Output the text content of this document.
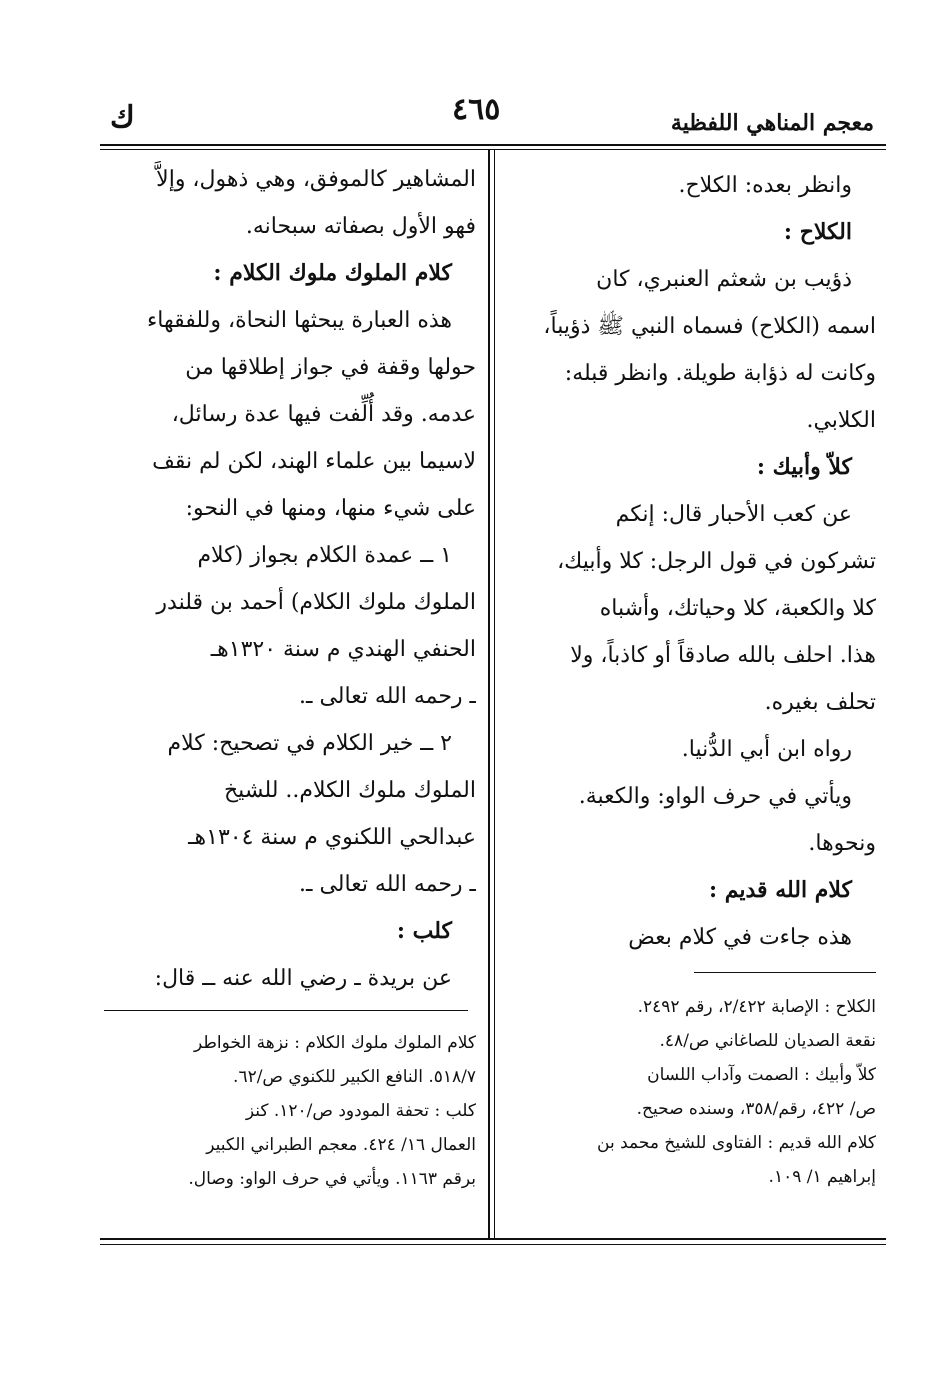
معجم المناهي اللفظية
٤٦٥
ك
وانظر بعده: الكلاح.
الكلاح :
ذؤيب بن شعثم العنبري، كان
اسمه (الكلاح) فسماه النبي ﷺ ذؤيباً،
وكانت له ذؤابة طويلة. وانظر قبله:
الكلابي.
كلاّ وأبيك :
عن كعب الأحبار قال: إنكم
تشركون في قول الرجل: كلا وأبيك،
كلا والكعبة، كلا وحياتك، وأشباه
هذا. احلف بالله صادقاً أو كاذباً، ولا
تحلف بغيره.
رواه ابن أبي الدُّنيا.
ويأتي في حرف الواو: والكعبة.
ونحوها.
كلام الله قديم :
هذه جاءت في كلام بعض
المشاهير كالموفق، وهي ذهول، وإلاَّ
فهو الأول بصفاته سبحانه.
كلام الملوك ملوك الكلام :
هذه العبارة يبحثها النحاة، وللفقهاء
حولها وقفة في جواز إطلاقها من
عدمه. وقد أُلِّفت فيها عدة رسائل،
لاسيما بين علماء الهند، لكن لم نقف
على شيء منها، ومنها في النحو:
١ ــ عمدة الكلام بجواز (كلام
الملوك ملوك الكلام) أحمد بن قلندر
الحنفي الهندي م سنة ١٣٢٠هـ
ـ رحمه الله تعالى ـ.
٢ ــ خير الكلام في تصحيح: كلام
الملوك ملوك الكلام.. للشيخ
عبدالحي اللكنوي م سنة ١٣٠٤هـ
ـ رحمه الله تعالى ـ.
كلب :
عن بريدة ـ رضي الله عنه ــ قال:
الكلاح : الإصابة ٢/٤٢٢، رقم ٢٤٩٢.
نقعة الصديان للصاغاني ص/٤٨.
كلاّ وأبيك : الصمت وآداب اللسان
ص/ ٤٢٢، رقم/٣٥٨، وسنده صحيح.
كلام الله قديم : الفتاوى للشيخ محمد بن
إبراهيم ١/ ١٠٩.
كلام الملوك ملوك الكلام : نزهة الخواطر
٥١٨/٧. النافع الكبير للكنوي ص/٦٢.
كلب : تحفة المودود ص/١٢٠. كنز
العمال ١٦/ ٤٢٤. معجم الطبراني الكبير
برقم ١١٦٣. ويأتي في حرف الواو: وصال.
